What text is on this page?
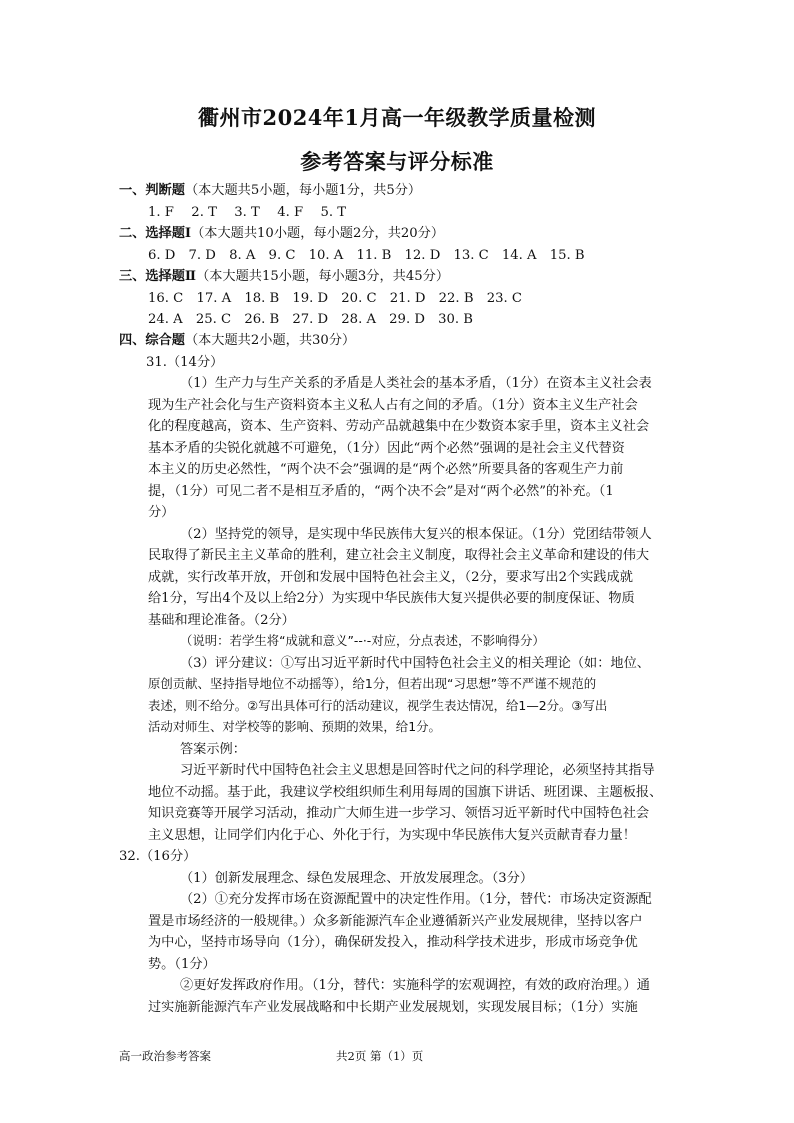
衢州市2024年1月高一年级教学质量检测
参考答案与评分标准
一、判断题（本大题共5小题，每小题1分，共5分）
1. F　 2. T　 3. T　 4. F　 5. T
二、选择题Ⅰ（本大题共10小题，每小题2分，共20分）
6. D　7. D　8. A　9. C　10. A　11. B　12. D　13. C　14. A　15. B
三、选择题Ⅱ（本大题共15小题，每小题3分，共45分）
16. C　17. A　18. B　19. D　20. C　21. D　22. B　23. C
24. A　25. C　26. B　27. D　28. A　29. D　30. B
四、综合题（本大题共2小题，共30分）
31.（14分）
（1）生产力与生产关系的矛盾是人类社会的基本矛盾，（1分）在资本主义社会表
现为生产社会化与生产资料资本主义私人占有之间的矛盾。（1分）资本主义生产社会
化的程度越高，资本、生产资料、劳动产品就越集中在少数资本家手里，资本主义社会
基本矛盾的尖锐化就越不可避免，（1分）因此“两个必然”强调的是社会主义代替资
本主义的历史必然性，“两个决不会”强调的是“两个必然”所要具备的客观生产力前
提，（1分）可见二者不是相互矛盾的，“两个决不会”是对“两个必然”的补充。（1
分）
（2）坚持党的领导，是实现中华民族伟大复兴的根本保证。（1分）党团结带领人
民取得了新民主主义革命的胜利，建立社会主义制度，取得社会主义革命和建设的伟大
成就，实行改革开放，开创和发展中国特色社会主义，（2分，要求写出2个实践成就
给1分，写出4个及以上给2分）为实现中华民族伟大复兴提供必要的制度保证、物质
基础和理论准备。（2分）
（说明：若学生将“成就和意义”--·-对应，分点表述，不影响得分）
（3）评分建议：①写出习近平新时代中国特色社会主义的相关理论（如：地位、
原创贡献、坚持指导地位不动摇等），给1分，但若出现“习思想”等不严谨不规范的
表述，则不给分。②写出具体可行的活动建议，视学生表达情况，给1—2分。③写出
活动对师生、对学校等的影响、预期的效果，给1分。
答案示例：
习近平新时代中国特色社会主义思想是回答时代之问的科学理论，必须坚持其指导
地位不动摇。基于此，我建议学校组织师生利用每周的国旗下讲话、班团课、主题板报、
知识竞赛等开展学习活动，推动广大师生进一步学习、领悟习近平新时代中国特色社会
主义思想，让同学们内化于心、外化于行，为实现中华民族伟大复兴贡献青春力量！
32.（16分）
（1）创新发展理念、绿色发展理念、开放发展理念。（3分）
（2）①充分发挥市场在资源配置中的决定性作用。（1分，替代：市场决定资源配
置是市场经济的一般规律。）众多新能源汽车企业遵循新兴产业发展规律，坚持以客户
为中心，坚持市场导向（1分），确保研发投入，推动科学技术进步，形成市场竞争优
势。（1分）
②更好发挥政府作用。（1分，替代：实施科学的宏观调控，有效的政府治理。）通
过实施新能源汽车产业发展战略和中长期产业发展规划，实现发展目标；（1分）实施
高一政治参考答案	共2页 第（1）页
